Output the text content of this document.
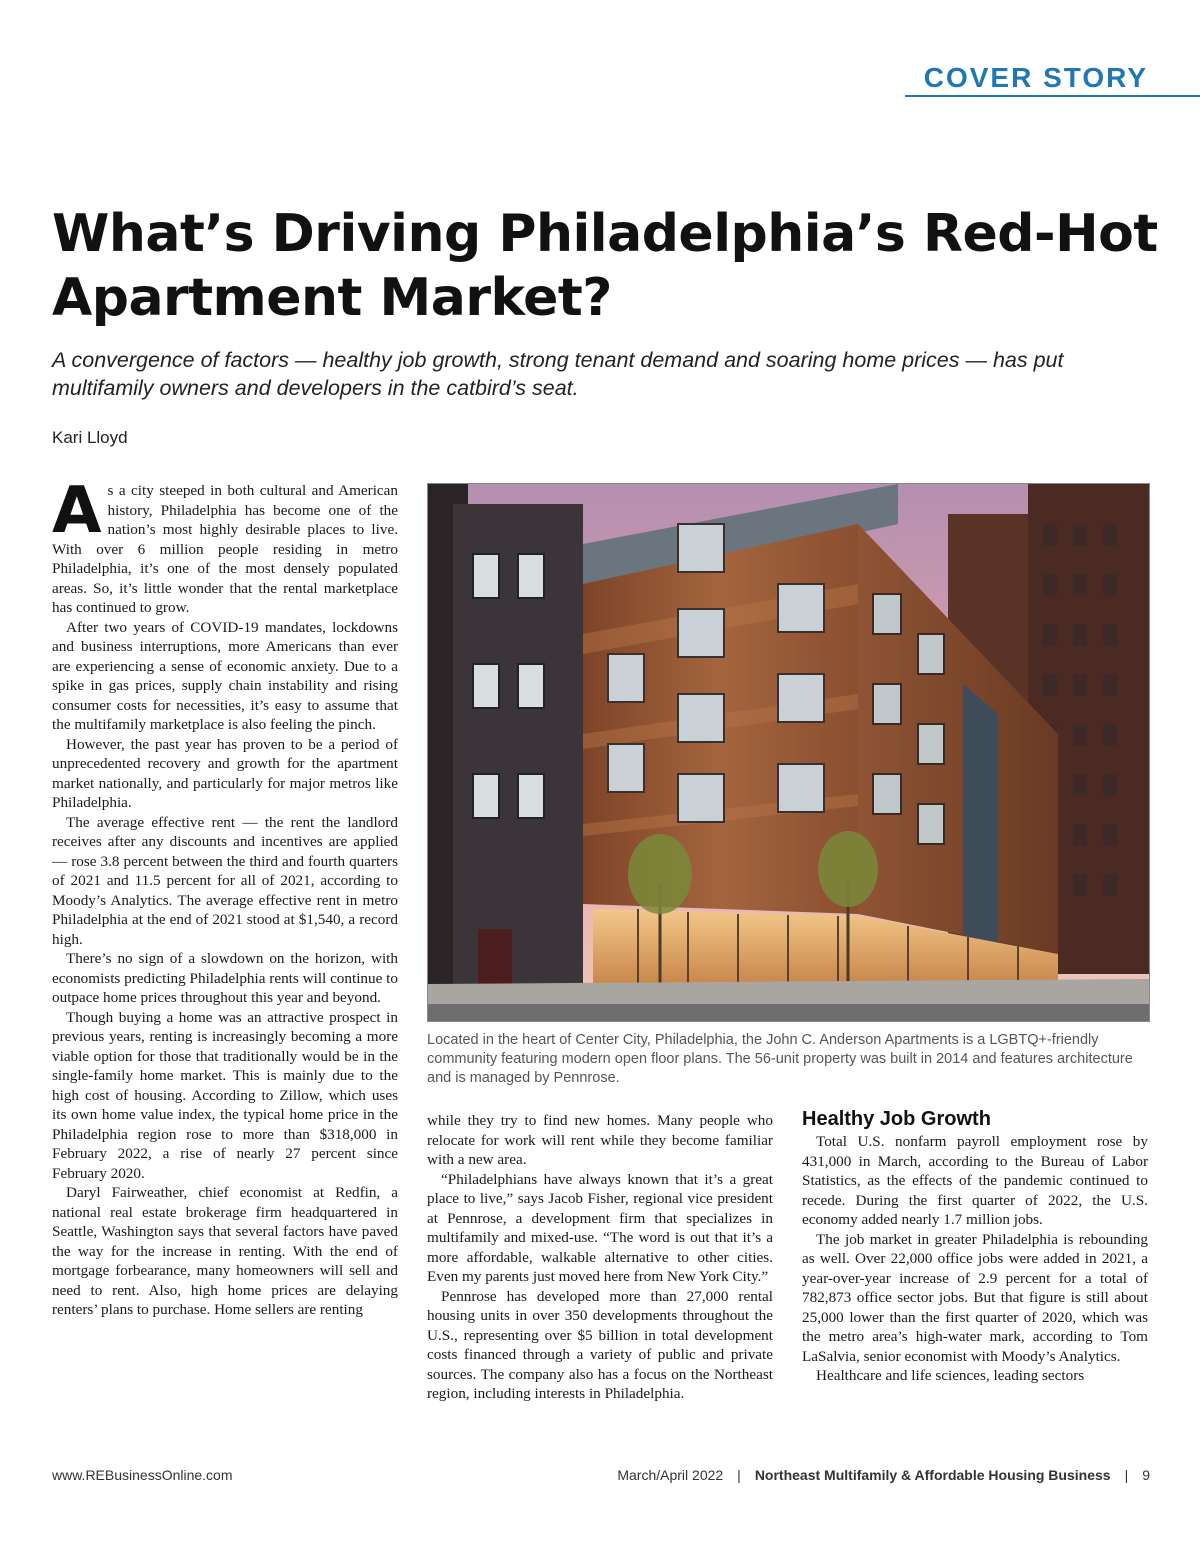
COVER STORY
What’s Driving Philadelphia’s Red-Hot Apartment Market?

A convergence of factors — healthy job growth, strong tenant demand and soaring home prices — has put multifamily owners and developers in the catbird’s seat.

Kari Lloyd

As a city steeped in both cultural and American history, Philadelphia has become one of the nation’s most highly desirable places to live. With over 6 million people residing in metro Philadelphia, it’s one of the most densely populated areas. So, it’s little wonder that the rental marketplace has continued to grow.

After two years of COVID-19 mandates, lockdowns and business interruptions, more Americans than ever are experiencing a sense of economic anxiety. Due to a spike in gas prices, supply chain instability and rising consumer costs for necessities, it’s easy to assume that the multifamily marketplace is also feeling the pinch.

However, the past year has proven to be a period of unprecedented recovery and growth for the apartment market nationally, and particularly for major metros like Philadelphia.

The average effective rent — the rent the landlord receives after any discounts and incentives are applied — rose 3.8 percent between the third and fourth quarters of 2021 and 11.5 percent for all of 2021, according to Moody’s Analytics. The average effective rent in metro Philadelphia at the end of 2021 stood at $1,540, a record high.

There’s no sign of a slowdown on the horizon, with economists predicting Philadelphia rents will continue to outpace home prices throughout this year and beyond.

Though buying a home was an attractive prospect in previous years, renting is increasingly becoming a more viable option for those that traditionally would be in the single-family home market. This is mainly due to the high cost of housing. According to Zillow, which uses its own home value index, the typical home price in the Philadelphia region rose to more than $318,000 in February 2022, a rise of nearly 27 percent since February 2020.

Daryl Fairweather, chief economist at Redfin, a national real estate brokerage firm headquartered in Seattle, Washington says that several factors have paved the way for the increase in renting. With the end of mortgage forbearance, many homeowners will sell and need to rent. Also, high home prices are delaying renters’ plans to purchase. Home sellers are renting

Located in the heart of Center City, Philadelphia, the John C. Anderson Apartments is a LGBTQ+-friendly community featuring modern open floor plans. The 56-unit property was built in 2014 and features architecture and is managed by Pennrose.

while they try to find new homes. Many people who relocate for work will rent while they become familiar with a new area.

“Philadelphians have always known that it’s a great place to live,” says Jacob Fisher, regional vice president at Pennrose, a development firm that specializes in multifamily and mixed-use. “The word is out that it’s a more affordable, walkable alternative to other cities. Even my parents just moved here from New York City.”

Pennrose has developed more than 27,000 rental housing units in over 350 developments throughout the U.S., representing over $5 billion in total development costs financed through a variety of public and private sources. The company also has a focus on the Northeast region, including interests in Philadelphia.

Healthy Job Growth

Total U.S. nonfarm payroll employment rose by 431,000 in March, according to the Bureau of Labor Statistics, as the effects of the pandemic continued to recede. During the first quarter of 2022, the U.S. economy added nearly 1.7 million jobs.

The job market in greater Philadelphia is rebounding as well. Over 22,000 office jobs were added in 2021, a year-over-year increase of 2.9 percent for a total of 782,873 office sector jobs. But that figure is still about 25,000 lower than the first quarter of 2020, which was the metro area’s high-water mark, according to Tom LaSalvia, senior economist with Moody’s Analytics.

Healthcare and life sciences, leading sectors

www.REBusinessOnline.com	March/April 2022 | Northeast Multifamily & Affordable Housing Business | 9
